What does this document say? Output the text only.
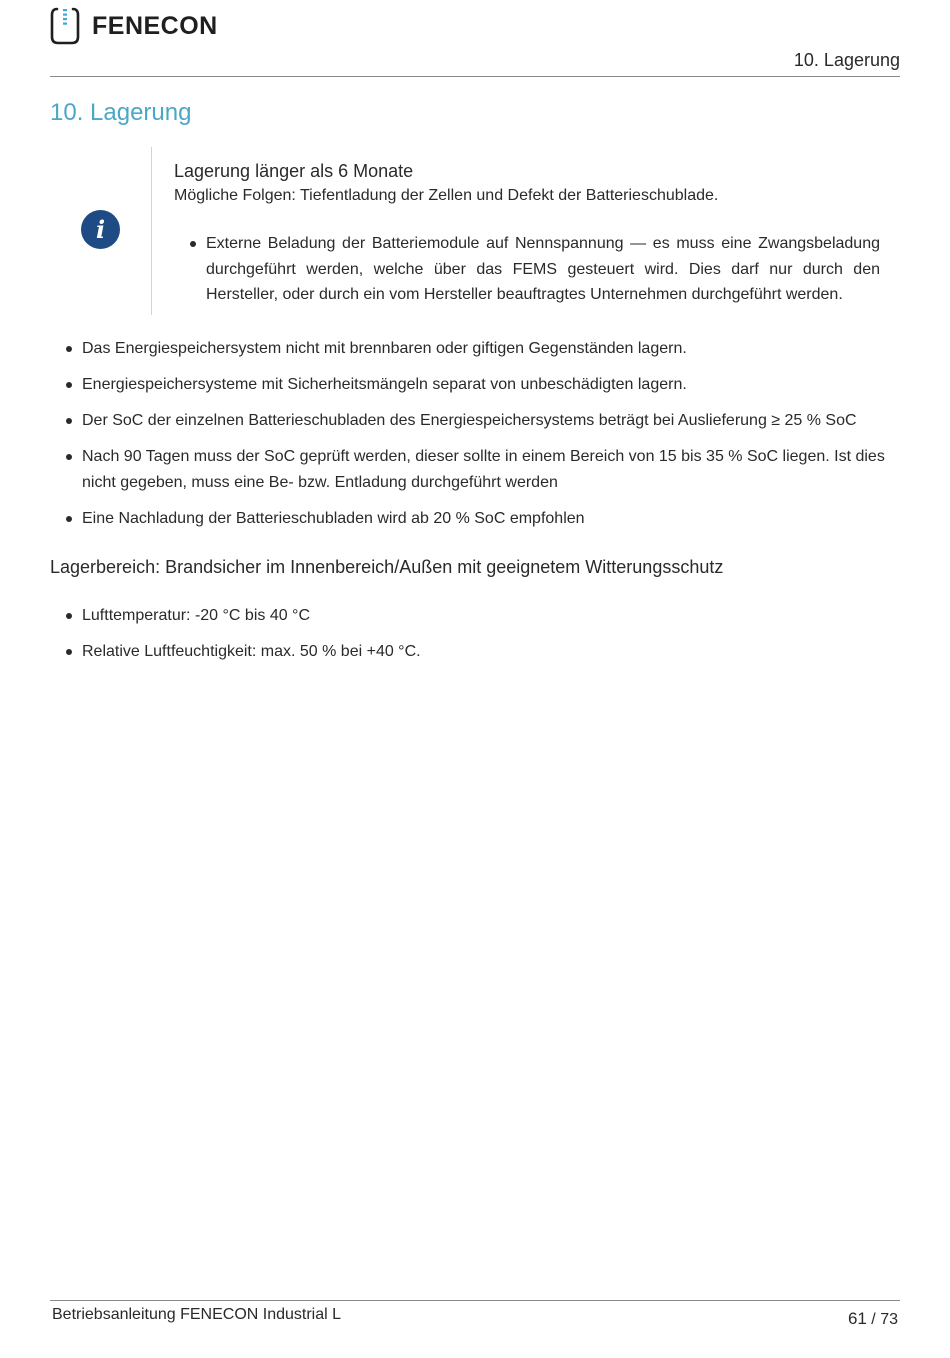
FENECON
10. Lagerung
10. Lagerung
i

Lagerung länger als 6 Monate

Mögliche Folgen: Tiefentladung der Zellen und Defekt der Batterieschublade.

Externe Beladung der Batteriemodule auf Nennspannung — es muss eine Zwangsbeladung durchgeführt werden, welche über das FEMS gesteuert wird. Dies darf nur durch den Hersteller, oder durch ein vom Hersteller beauftragtes Unternehmen durchgeführt werden.
Das Energiespeichersystem nicht mit brennbaren oder giftigen Gegenständen lagern.
Energiespeichersysteme mit Sicherheitsmängeln separat von unbeschädigten lagern.
Der SoC der einzelnen Batterieschubladen des Energiespeichersystems beträgt bei Auslieferung ≥ 25 % SoC
Nach 90 Tagen muss der SoC geprüft werden, dieser sollte in einem Bereich von 15 bis 35 % SoC liegen. Ist dies nicht gegeben, muss eine Be- bzw. Entladung durchgeführt werden
Eine Nachladung der Batterieschubladen wird ab 20 % SoC empfohlen
Lagerbereich: Brandsicher im Innenbereich/Außen mit geeignetem Witterungsschutz
Lufttemperatur: -20 °C bis 40 °C
Relative Luftfeuchtigkeit: max. 50 % bei +40 °C.
Betriebsanleitung FENECON Industrial L	61 / 73
